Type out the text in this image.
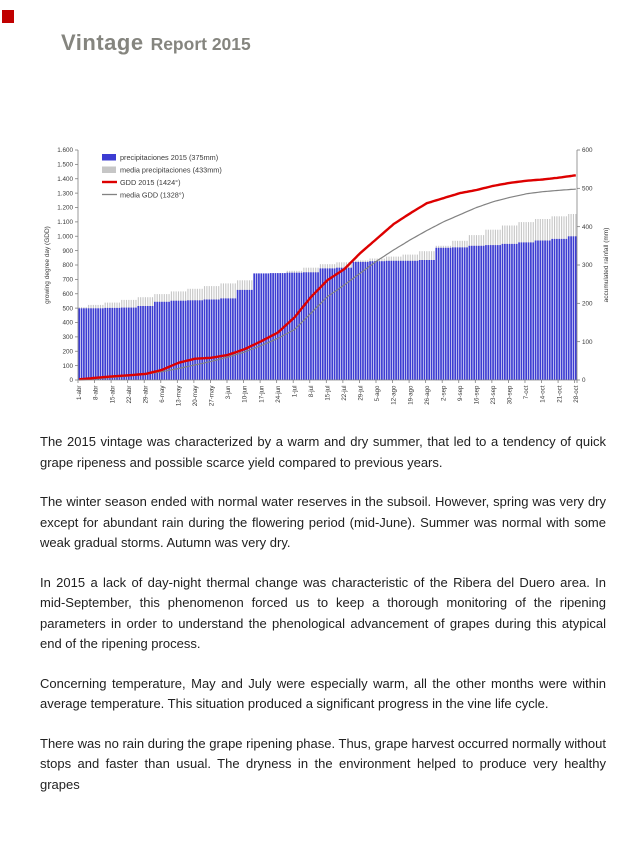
Vintage Report 2015
0
100
200
300
400
500
600
700
800
900
1.000
1.100
1.200
1.300
1.400
1.500
1.600
0
100
200
300
400
500
600
1-abr 8-abr 15-abr 22-abr 29-abr 6-may 13-may 20-may 27-may 3-jun 10-jun 17-jun 24-jun 1-jul 8-jul 15-jul 22-jul 29-jul 5-ago 12-ago 19-ago 26-ago 2-sep 9-sep 16-sep 23-sep 30-sep 7-oct 14-oct 21-oct 28-oct
growing degree day (GDD)	accumulated rainfall (mm)
precipitaciones 2015 (375mm)
media precipitaciones (433mm)
GDD 2015 (1424°)
media GDD (1328°)

The 2015 vintage was characterized by a warm and dry summer, that led to a tendency of quick grape ripeness and possible scarce yield compared to previous years.

The winter season ended with normal water reserves in the subsoil. However, spring was very dry except for abundant rain during the flowering period (mid-June). Summer was normal with some weak gradual storms. Autumn was very dry.

In 2015 a lack of day-night thermal change was characteristic of the Ribera del Duero area. In mid-September, this phenomenon forced us to keep a thorough monitoring of the ripening parameters in order to understand the phenological advancement of grapes during this atypical end of the ripening process.

Concerning temperature, May and July were especially warm, all the other months were within average temperature. This situation produced a significant progress in the vine life cycle.

There was no rain during the grape ripening phase. Thus, grape harvest occurred normally without stops and faster than usual. The dryness in the environment helped to produce very healthy grapes
